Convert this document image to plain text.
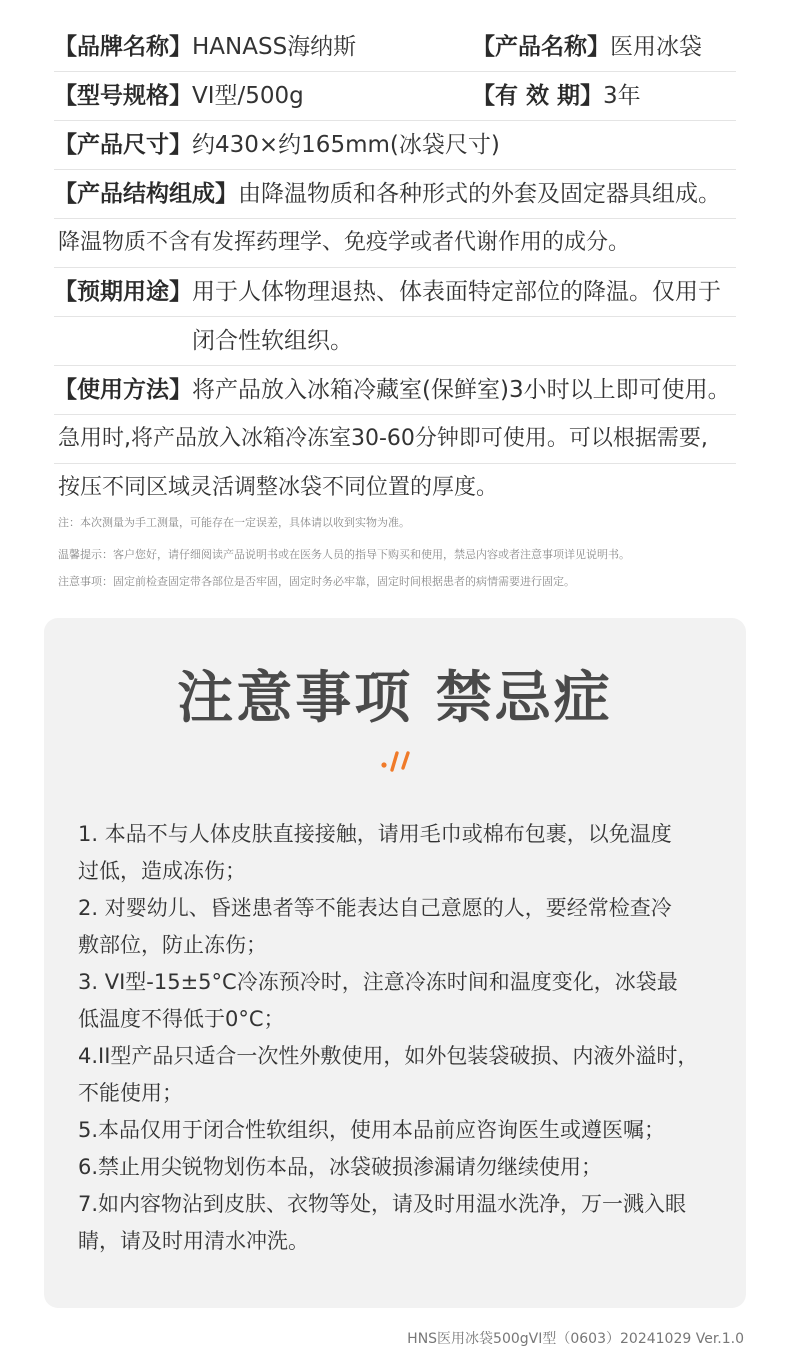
【品牌名称】HANASS海纳斯	【产品名称】医用冰袋
【型号规格】VI型/500g	【有 效 期】3年
【产品尺寸】约430×约165mm(冰袋尺寸)
【产品结构组成】由降温物质和各种形式的外套及固定器具组成。
降温物质不含有发挥药理学、免疫学或者代谢作用的成分。
【预期用途】用于人体物理退热、体表面特定部位的降温。仅用于
闭合性软组织。
【使用方法】将产品放入冰箱冷藏室(保鲜室)3小时以上即可使用。
急用时,将产品放入冰箱冷冻室30-60分钟即可使用。可以根据需要,
按压不同区域灵活调整冰袋不同位置的厚度。
注：本次测量为手工测量，可能存在一定误差，具体请以收到实物为准。
温馨提示：客户您好，请仔细阅读产品说明书或在医务人员的指导下购买和使用，禁忌内容或者注意事项详见说明书。
注意事项：固定前检查固定带各部位是否牢固，固定时务必牢靠，固定时间根据患者的病情需要进行固定。
注意事项 禁忌症
1. 本品不与人体皮肤直接接触，请用毛巾或棉布包裹，以免温度
过低，造成冻伤；
2. 对婴幼儿、昏迷患者等不能表达自己意愿的人，要经常检查冷
敷部位，防止冻伤；
3. VI型-15±5°C冷冻预冷时，注意冷冻时间和温度变化，冰袋最
低温度不得低于0°C；
4.II型产品只适合一次性外敷使用，如外包装袋破损、内液外溢时，
不能使用；
5.本品仅用于闭合性软组织，使用本品前应咨询医生或遵医嘱；
6.禁止用尖锐物划伤本品，冰袋破损渗漏请勿继续使用；
7.如内容物沾到皮肤、衣物等处，请及时用温水洗净，万一溅入眼
睛，请及时用清水冲洗。
HNS医用冰袋500gVI型（0603）20241029 Ver.1.0
